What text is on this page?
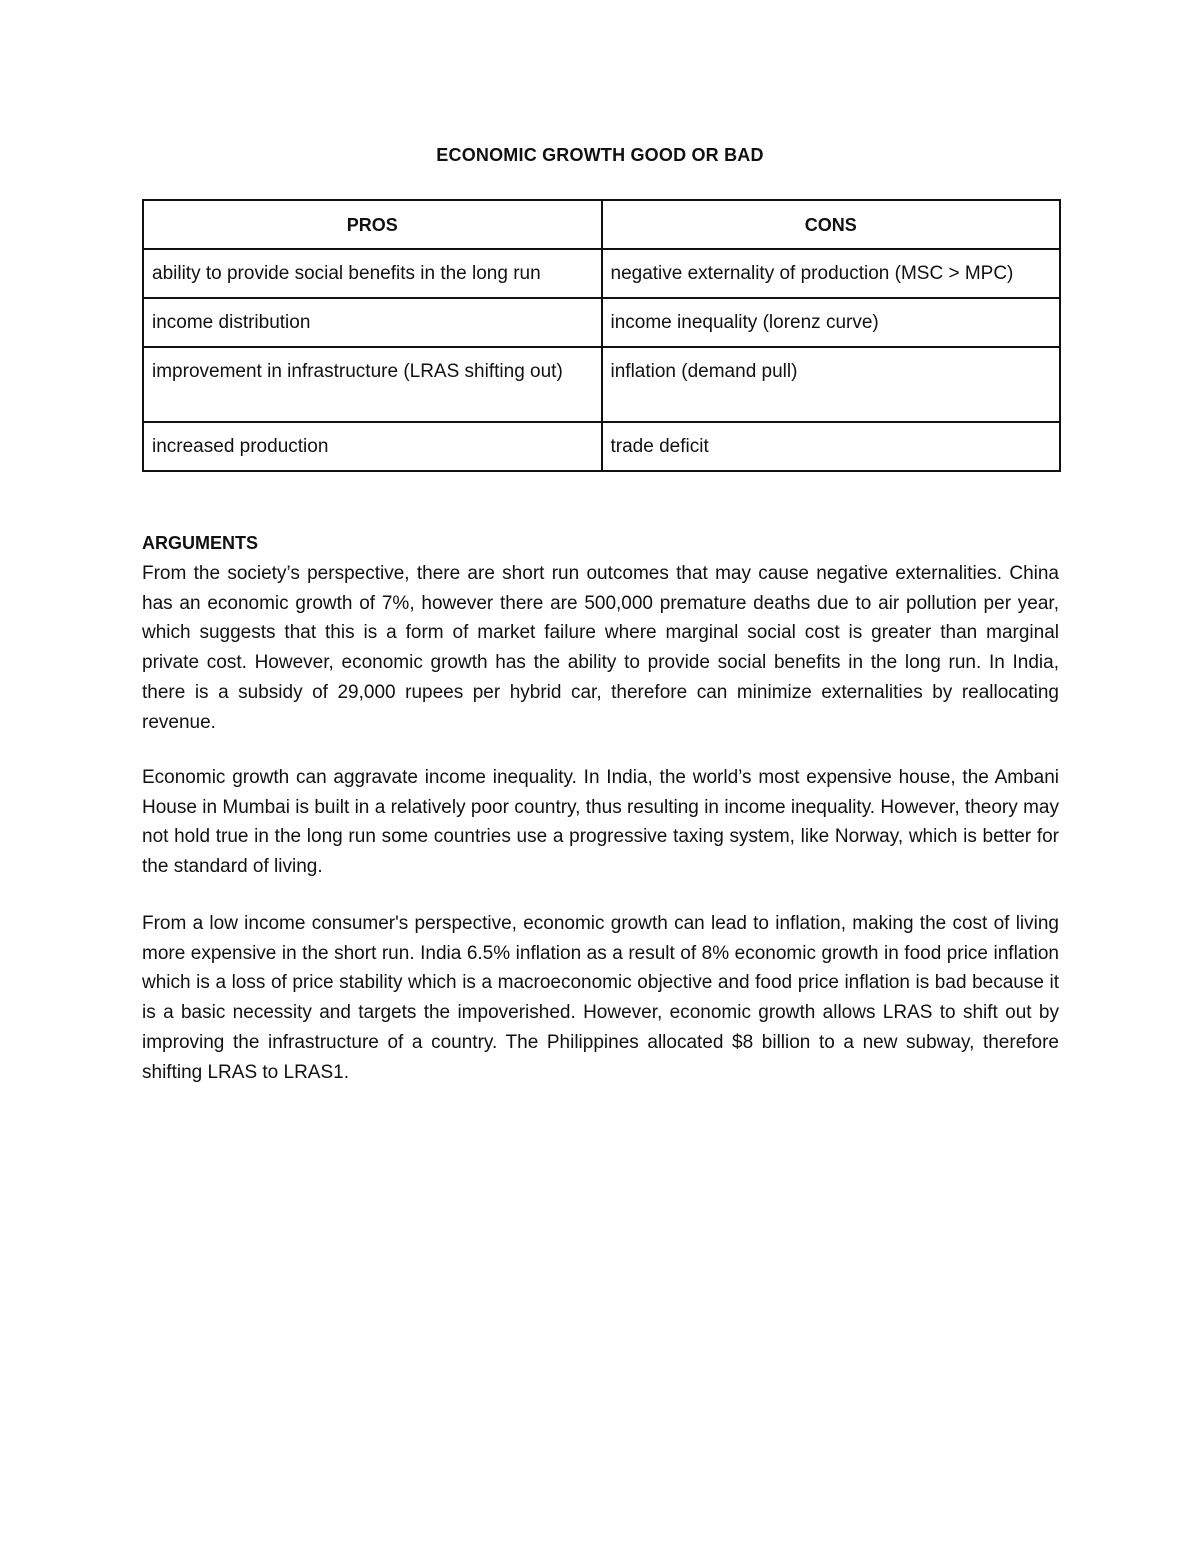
ECONOMIC GROWTH GOOD OR BAD
PROS	CONS
ability to provide social benefits in the long run	negative externality of production (MSC > MPC)
income distribution	income inequality (lorenz curve)
improvement in infrastructure (LRAS shifting out)	inflation (demand pull)
increased production	trade deficit
ARGUMENTS

From the society’s perspective, there are short run outcomes that may cause negative externalities. China has an economic growth of 7%, however there are 500,000 premature deaths due to air pollution per year, which suggests that this is a form of market failure where marginal social cost is greater than marginal private cost. However, economic growth has the ability to provide social benefits in the long run. In India, there is a subsidy of 29,000 rupees per hybrid car, therefore can minimize externalities by reallocating revenue.

Economic growth can aggravate income inequality. In India, the world’s most expensive house, the Ambani House in Mumbai is built in a relatively poor country, thus resulting in income inequality. However, theory may not hold true in the long run some countries use a progressive taxing system, like Norway, which is better for the standard of living.

From a low income consumer's perspective, economic growth can lead to inflation, making the cost of living more expensive in the short run. India 6.5% inflation as a result of 8% economic growth in food price inflation which is a loss of price stability which is a macroeconomic objective and food price inflation is bad because it is a basic necessity and targets the impoverished. However, economic growth allows LRAS to shift out by improving the infrastructure of a country. The Philippines allocated $8 billion to a new subway, therefore shifting LRAS to LRAS1.
